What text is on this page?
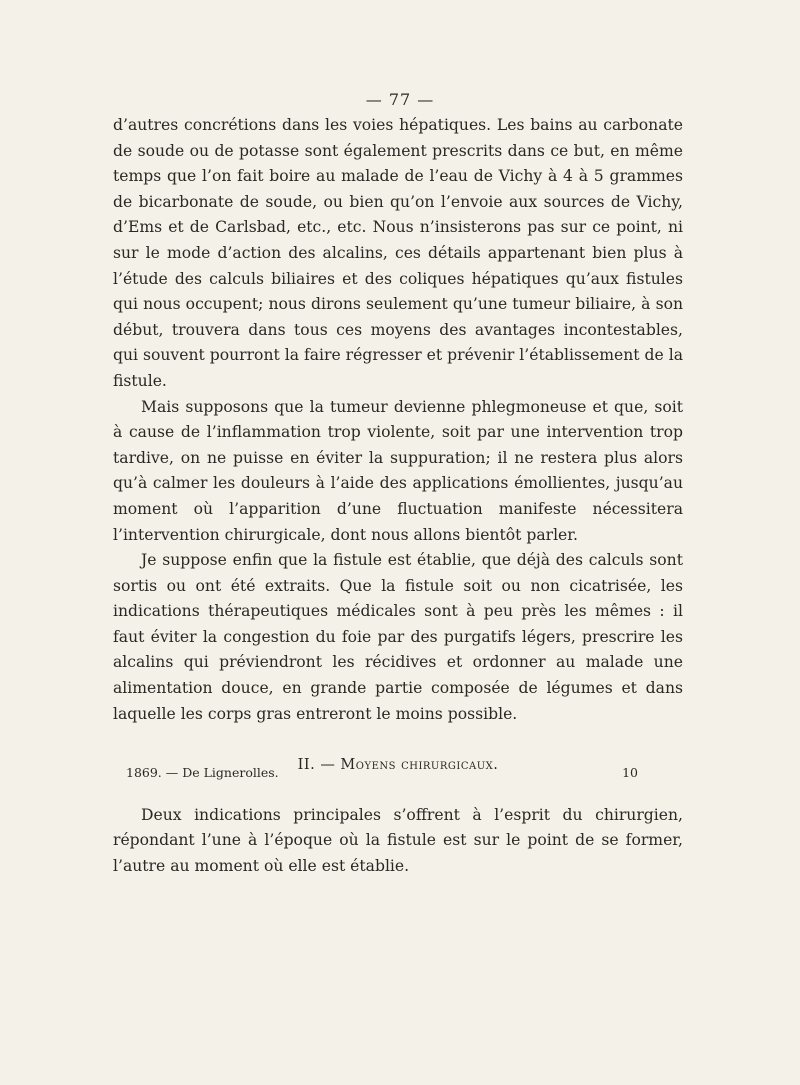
— 77 —

d’autres concrétions dans les voies hépatiques. Les bains au carbonate de soude ou de potasse sont également prescrits dans ce but, en même temps que l’on fait boire au malade de l’eau de Vichy à 4 à 5 grammes de bicarbonate de soude, ou bien qu’on l’envoie aux sources de Vichy, d’Ems et de Carlsbad, etc., etc. Nous n’insisterons pas sur ce point, ni sur le mode d’action des alcalins, ces détails appartenant bien plus à l’étude des calculs biliaires et des coliques hépatiques qu’aux fistules qui nous occupent; nous dirons seulement qu’une tumeur biliaire, à son début, trouvera dans tous ces moyens des avantages incontestables, qui souvent pourront la faire régresser et prévenir l’établissement de la fistule.

Mais supposons que la tumeur devienne phlegmoneuse et que, soit à cause de l’inflammation trop violente, soit par une intervention trop tardive, on ne puisse en éviter la suppuration; il ne restera plus alors qu’à calmer les douleurs à l’aide des applications émollientes, jusqu’au moment où l’apparition d’une fluctuation manifeste nécessitera l’intervention chirurgicale, dont nous allons bientôt parler.

Je suppose enfin que la fistule est établie, que déjà des calculs sont sortis ou ont été extraits. Que la fistule soit ou non cicatrisée, les indications thérapeutiques médicales sont à peu près les mêmes : il faut éviter la congestion du foie par des purgatifs légers, prescrire les alcalins qui préviendront les récidives et ordonner au malade une alimentation douce, en grande partie composée de légumes et dans laquelle les corps gras entreront le moins possible.

II. — Moyens chirurgicaux.

Deux indications principales s’offrent à l’esprit du chirurgien, répondant l’une à l’époque où la fistule est sur le point de se former, l’autre au moment où elle est établie.

1869. — De Lignerolles.	10
